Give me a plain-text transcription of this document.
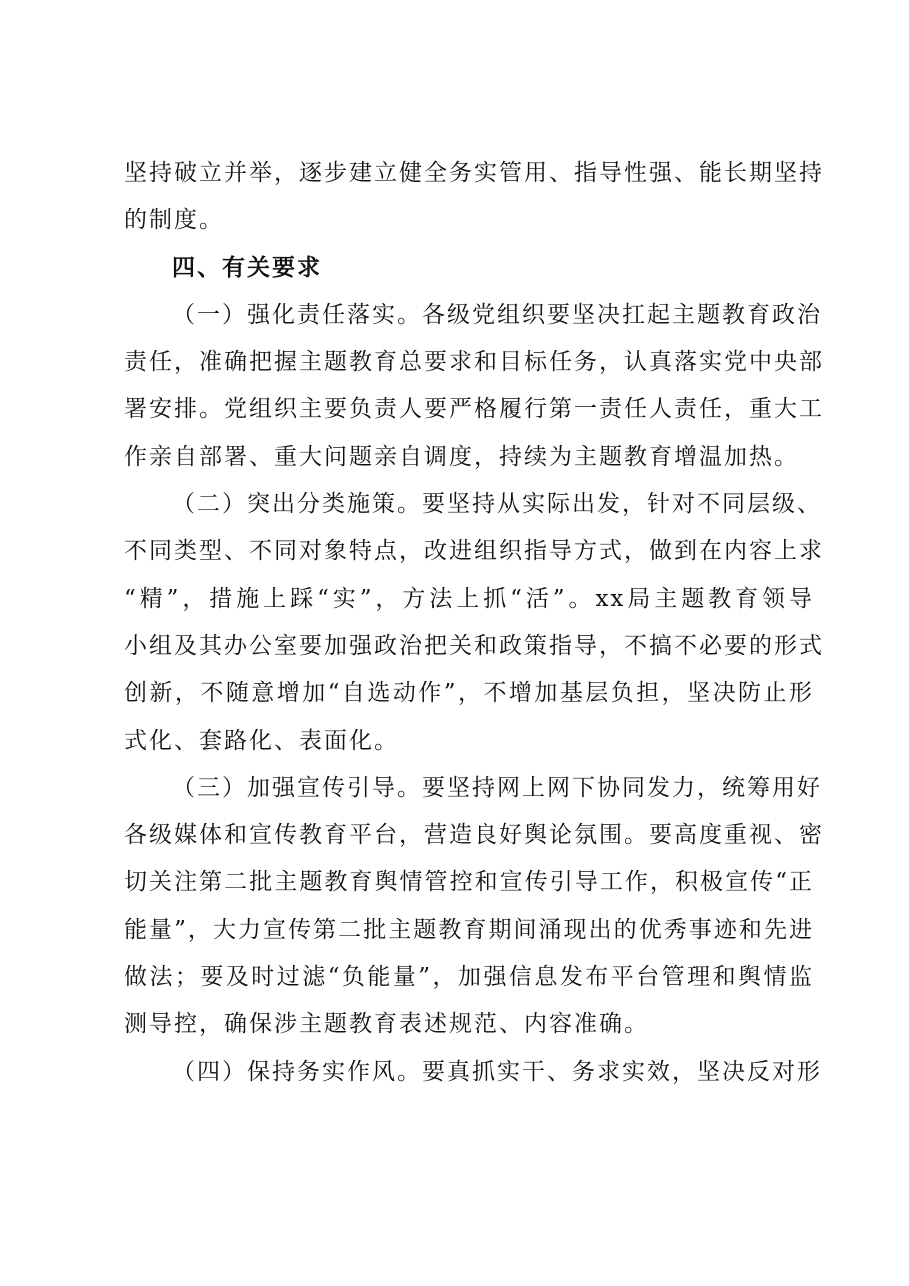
坚持破立并举，逐步建立健全务实管用、指导性强、能长期坚持
的制度。

四、有关要求

（一）强化责任落实。各级党组织要坚决扛起主题教育政治
责任，准确把握主题教育总要求和目标任务，认真落实党中央部
署安排。党组织主要负责人要严格履行第一责任人责任，重大工
作亲自部署、重大问题亲自调度，持续为主题教育增温加热。

（二）突出分类施策。要坚持从实际出发，针对不同层级、
不同类型、不同对象特点，改进组织指导方式，做到在内容上求
“精”，措施上踩“实”，方法上抓“活”。xx局主题教育领导
小组及其办公室要加强政治把关和政策指导，不搞不必要的形式
创新，不随意增加“自选动作”，不增加基层负担，坚决防止形
式化、套路化、表面化。

（三）加强宣传引导。要坚持网上网下协同发力，统筹用好
各级媒体和宣传教育平台，营造良好舆论氛围。要高度重视、密
切关注第二批主题教育舆情管控和宣传引导工作，积极宣传“正
能量”，大力宣传第二批主题教育期间涌现出的优秀事迹和先进
做法；要及时过滤“负能量”，加强信息发布平台管理和舆情监
测导控，确保涉主题教育表述规范、内容准确。

（四）保持务实作风。要真抓实干、务求实效，坚决反对形
